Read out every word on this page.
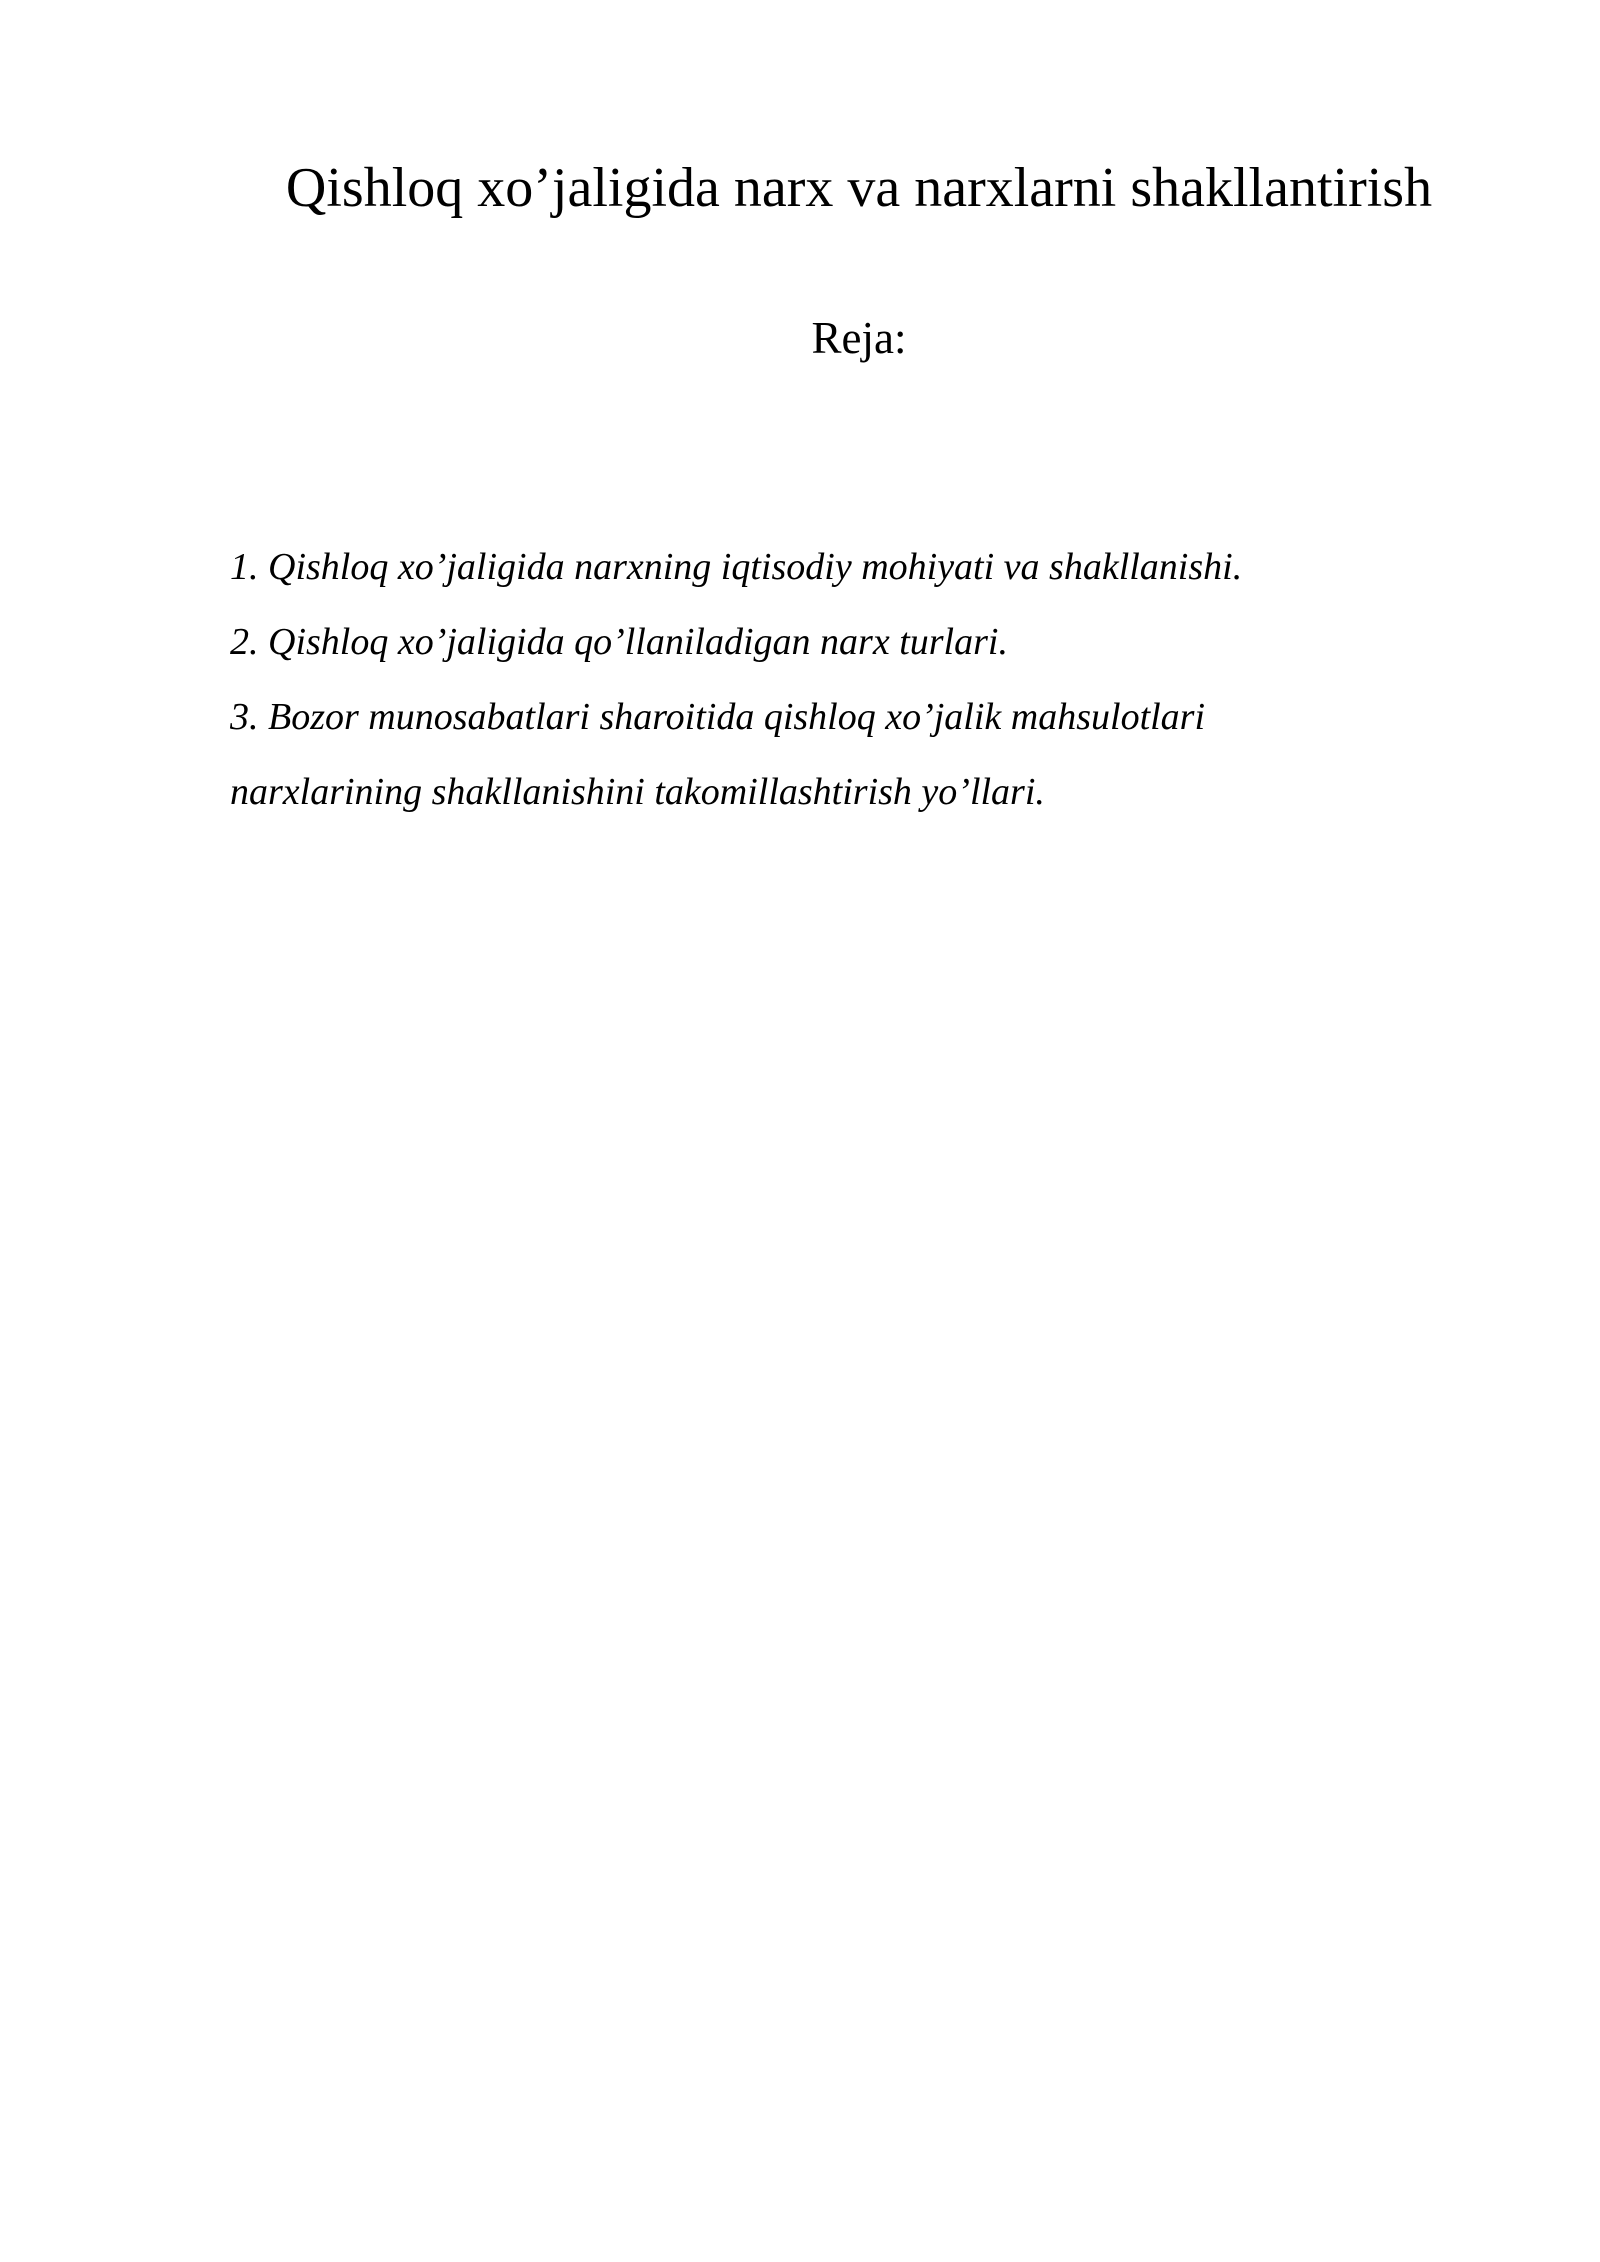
Qishloq xo’jaligida narx va narxlarni shakllantirish
Reja:
1. Qishloq xo’jaligida narxning iqtisodiy mohiyati va shakllanishi.
2. Qishloq xo’jaligida qo’llaniladigan narx turlari.
3. Bozor munosabatlari sharoitida qishloq xo’jalik mahsulotlari
narxlarining shakllanishini takomillashtirish yo’llari.
